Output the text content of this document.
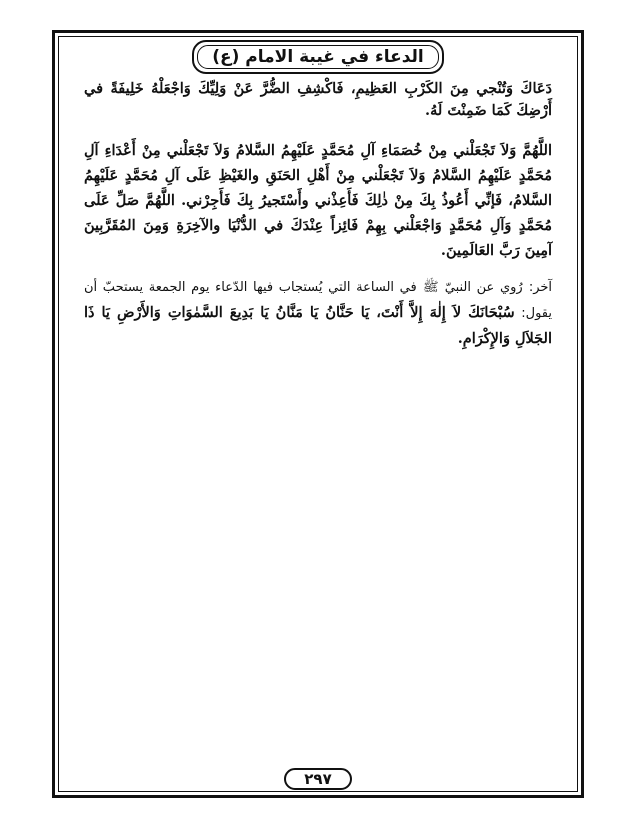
الدعاء في غيبة الامام (ع)

دَعَاكَ وَتُنْجي مِنَ الكَرْبِ العَظِيمِ، فَاكْشِفِ الضُّرَّ عَنْ وَلِيِّكَ وَاجْعَلْهُ خَلِيفَةً في أَرْضِكَ كَمَا ضَمِنْتَ لَهُ.

اللَّهُمَّ وَلاَ تَجْعَلْني مِنْ خُصَمَاءِ آلِ مُحَمَّدٍ عَلَيْهِمُ السَّلامُ وَلاَ تَجْعَلْني مِنْ أَعْدَاءِ آلِ مُحَمَّدٍ عَلَيْهِمُ السَّلامُ وَلاَ تَجْعَلْني مِنْ أَهْلِ الحَنَقِ والغَيْظِ عَلَى آلِ مُحَمَّدٍ عَلَيْهِمُ السَّلامُ، فَإنِّي أَعُوذُ بِكَ مِنْ ذٰلِكَ فَأَعِذْني وأَسْتَجيرُ بِكَ فَأَجِرْني. اللَّهُمَّ صَلِّ عَلَى مُحَمَّدٍ وَآلِ مُحَمَّدٍ وَاجْعَلْني بِهِمْ فَائِزاً عِنْدَكَ في الدُّنْيَا والآخِرَةِ وَمِنَ المُقَرَّبِينَ آمِينَ رَبَّ العَالَمِينَ.

آخر: رُوي عن النبيّ ﷺ في الساعة التي يُستجاب فيها الدّعاء يوم الجمعة يستحبّ أن يقول: سُبْحَانَكَ لاَ إِلٰهَ إِلاَّ أَنْتَ، يَا حَنَّانُ يَا مَنَّانُ يَا بَدِيعَ السَّمٰوَاتِ وَالأَرْضِ يَا ذَا الجَلاَلِ وَالإِكْرَامِ.

٢٩٧
